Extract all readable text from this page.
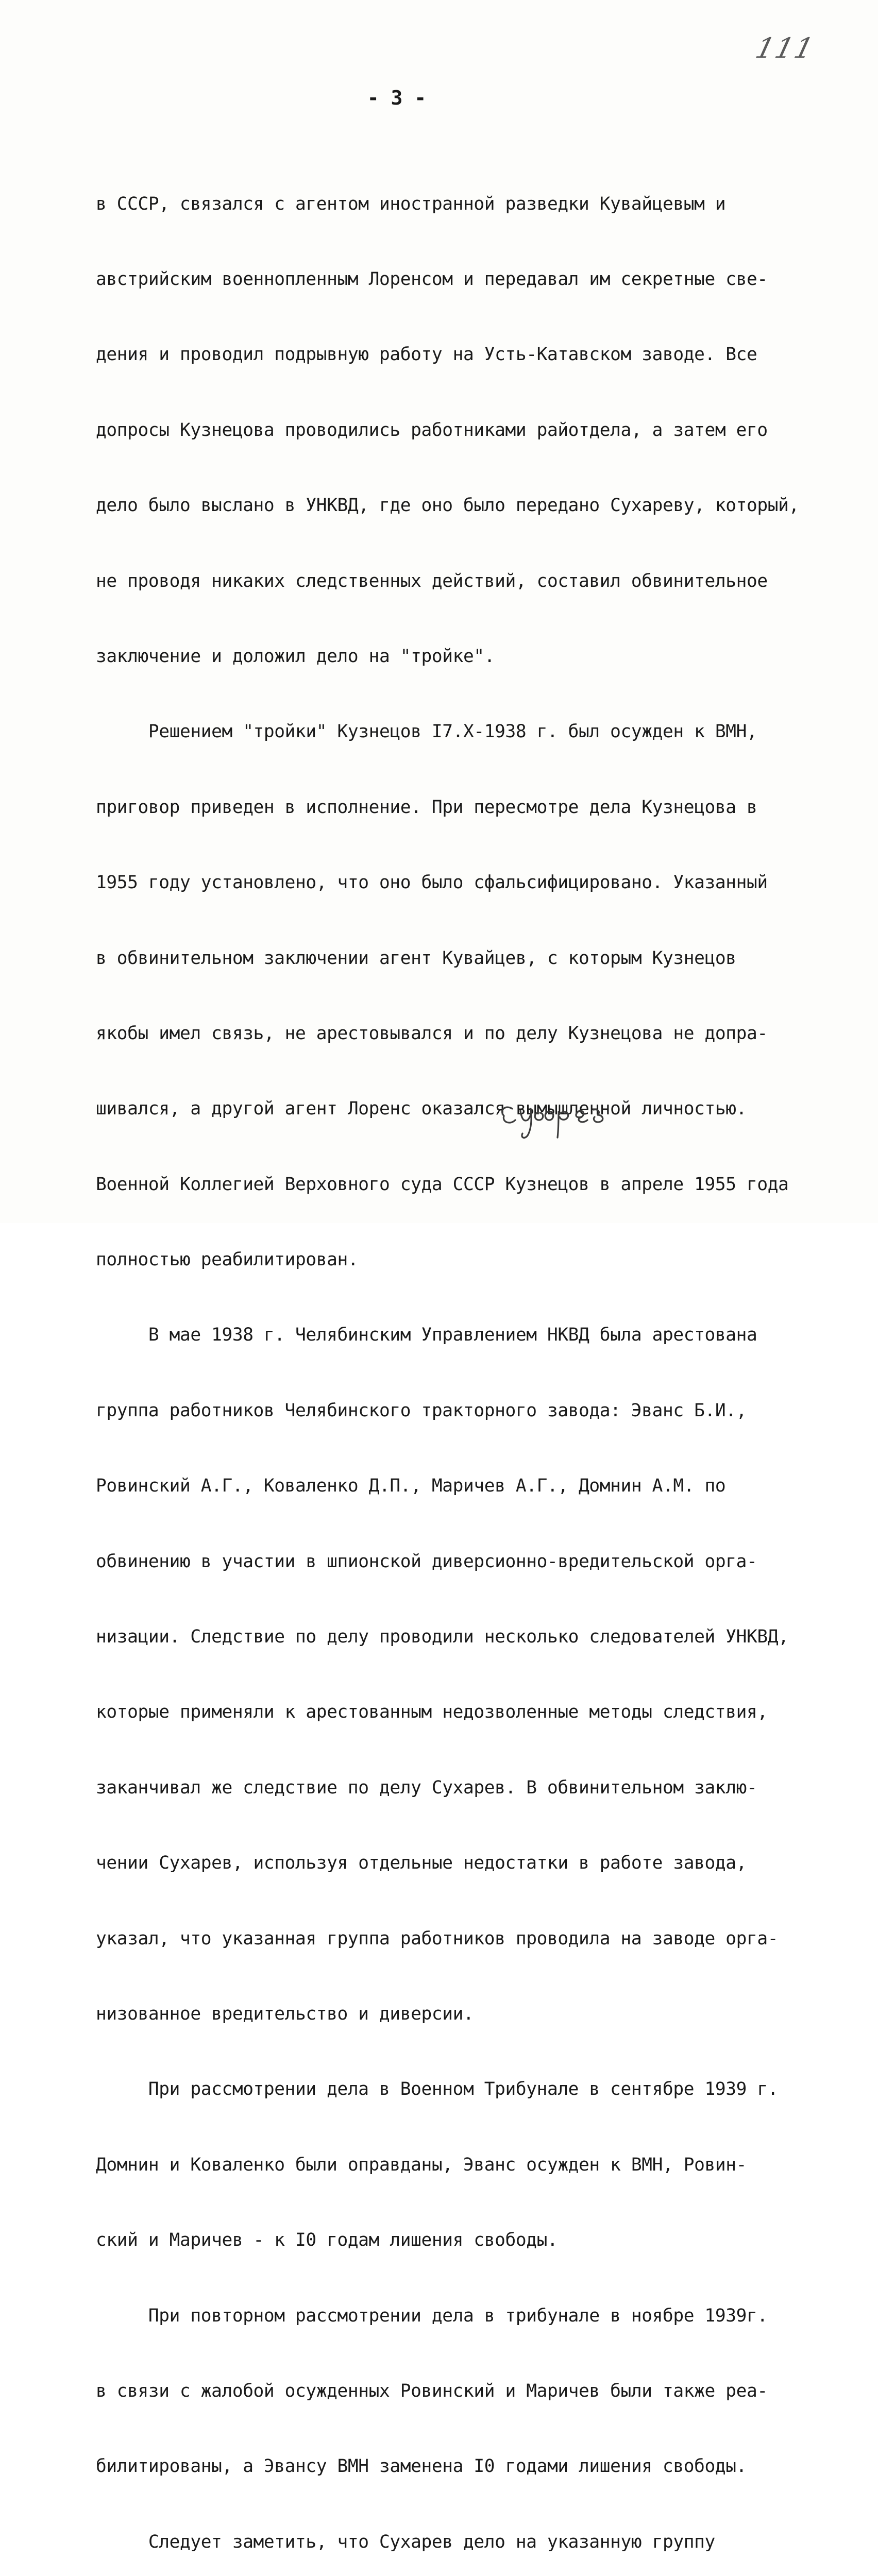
111
- 3 -

в СССР, связался с агентом иностранной разведки Кувайцевым и

австрийским военнопленным Лоренсом и передавал им секретные све-

дения и проводил подрывную работу на Усть-Катавском заводе. Все

допросы Кузнецова проводились работниками райотдела, а затем его

дело было выслано в УНКВД, где оно было передано Сухареву, который,

не проводя никаких следственных действий, составил обвинительное

заключение и доложил дело на "тройке".

Решением "тройки" Кузнецов I7.X-1938 г. был осужден к ВМН,

приговор приведен в исполнение. При пересмотре дела Кузнецова в

1955 году установлено, что оно было сфальсифицировано. Указанный

в обвинительном заключении агент Кувайцев, с которым Кузнецов

якобы имел связь, не арестовывался и по делу Кузнецова не допра-

шивался, а другой агент Лоренс оказался вымышленной личностью.

Военной Коллегией Верховного суда СССР Кузнецов в апреле 1955 года

полностью реабилитирован.

В мае 1938 г. Челябинским Управлением НКВД была арестована

группа работников Челябинского тракторного завода: Эванс Б.И.,

Ровинский А.Г., Коваленко Д.П., Маричев А.Г., Домнин А.М. по

обвинению в участии в шпионской диверсионно-вредительской орга-

низации. Следствие по делу проводили несколько следователей УНКВД,

которые применяли к арестованным недозволенные методы следствия,

заканчивал же следствие по делу Сухарев. В обвинительном заклю-

чении Сухарев, используя отдельные недостатки в работе завода,

указал, что указанная группа работников проводила на заводе орга-

низованное вредительство и диверсии.

При рассмотрении дела в Военном Трибунале в сентябре 1939 г.

Домнин и Коваленко были оправданы, Эванс осужден к ВМН, Ровин-

ский и Маричев - к I0 годам лишения свободы.

При повторном рассмотрении дела в трибунале в ноябре 1939г.

в связи с жалобой осужденных Ровинский и Маричев были также реа-

билитированы, а Эвансу ВМН заменена I0 годами лишения свободы.

Следует заметить, что Сухарев дело на указанную группу
